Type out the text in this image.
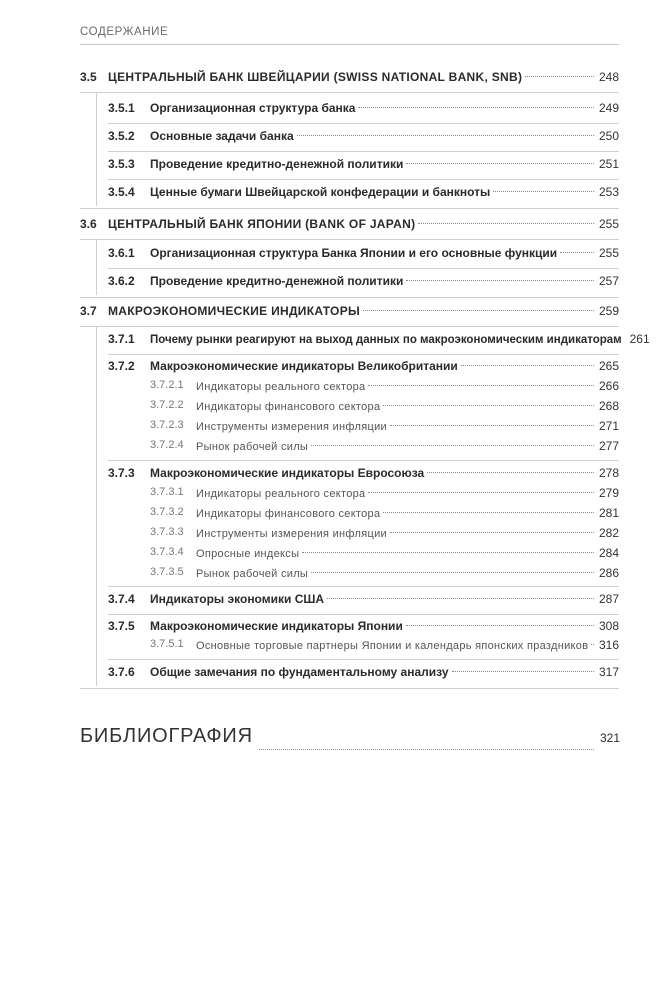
СОДЕРЖАНИЕ
3.5 ЦЕНТРАЛЬНЫЙ БАНК ШВЕЙЦАРИИ (SWISS NATIONAL BANK, SNB)	248
3.5.1 Организационная структура банка	249
3.5.2 Основные задачи банка	250
3.5.3 Проведение кредитно-денежной политики	251
3.5.4 Ценные бумаги Швейцарской конфедерации и банкноты	253
3.6 ЦЕНТРАЛЬНЫЙ БАНК ЯПОНИИ (BANK OF JAPAN)	255
3.6.1 Организационная структура Банка Японии и его основные функции	255
3.6.2 Проведение кредитно-денежной политики	257
3.7 МАКРОЭКОНОМИЧЕСКИЕ ИНДИКАТОРЫ	259
3.7.1 Почему рынки реагируют на выход данных по макроэкономическим индикаторам 261
3.7.2 Макроэкономические индикаторы Великобритании	265
3.7.2.1 Индикаторы реального сектора	266
3.7.2.2 Индикаторы финансового сектора	268
3.7.2.3 Инструменты измерения инфляции	271
3.7.2.4 Рынок рабочей силы	277
3.7.3 Макроэкономические индикаторы Евросоюза	278
3.7.3.1 Индикаторы реального сектора	279
3.7.3.2 Индикаторы финансового сектора	281
3.7.3.3 Инструменты измерения инфляции	282
3.7.3.4 Опросные индексы	284
3.7.3.5 Рынок рабочей силы	286
3.7.4 Индикаторы экономики США	287
3.7.5 Макроэкономические индикаторы Японии	308
3.7.5.1 Основные торговые партнеры Японии и календарь японских праздников 316
3.7.6 Общие замечания по фундаментальному анализу	317
БИБЛИОГРАФИЯ	321
